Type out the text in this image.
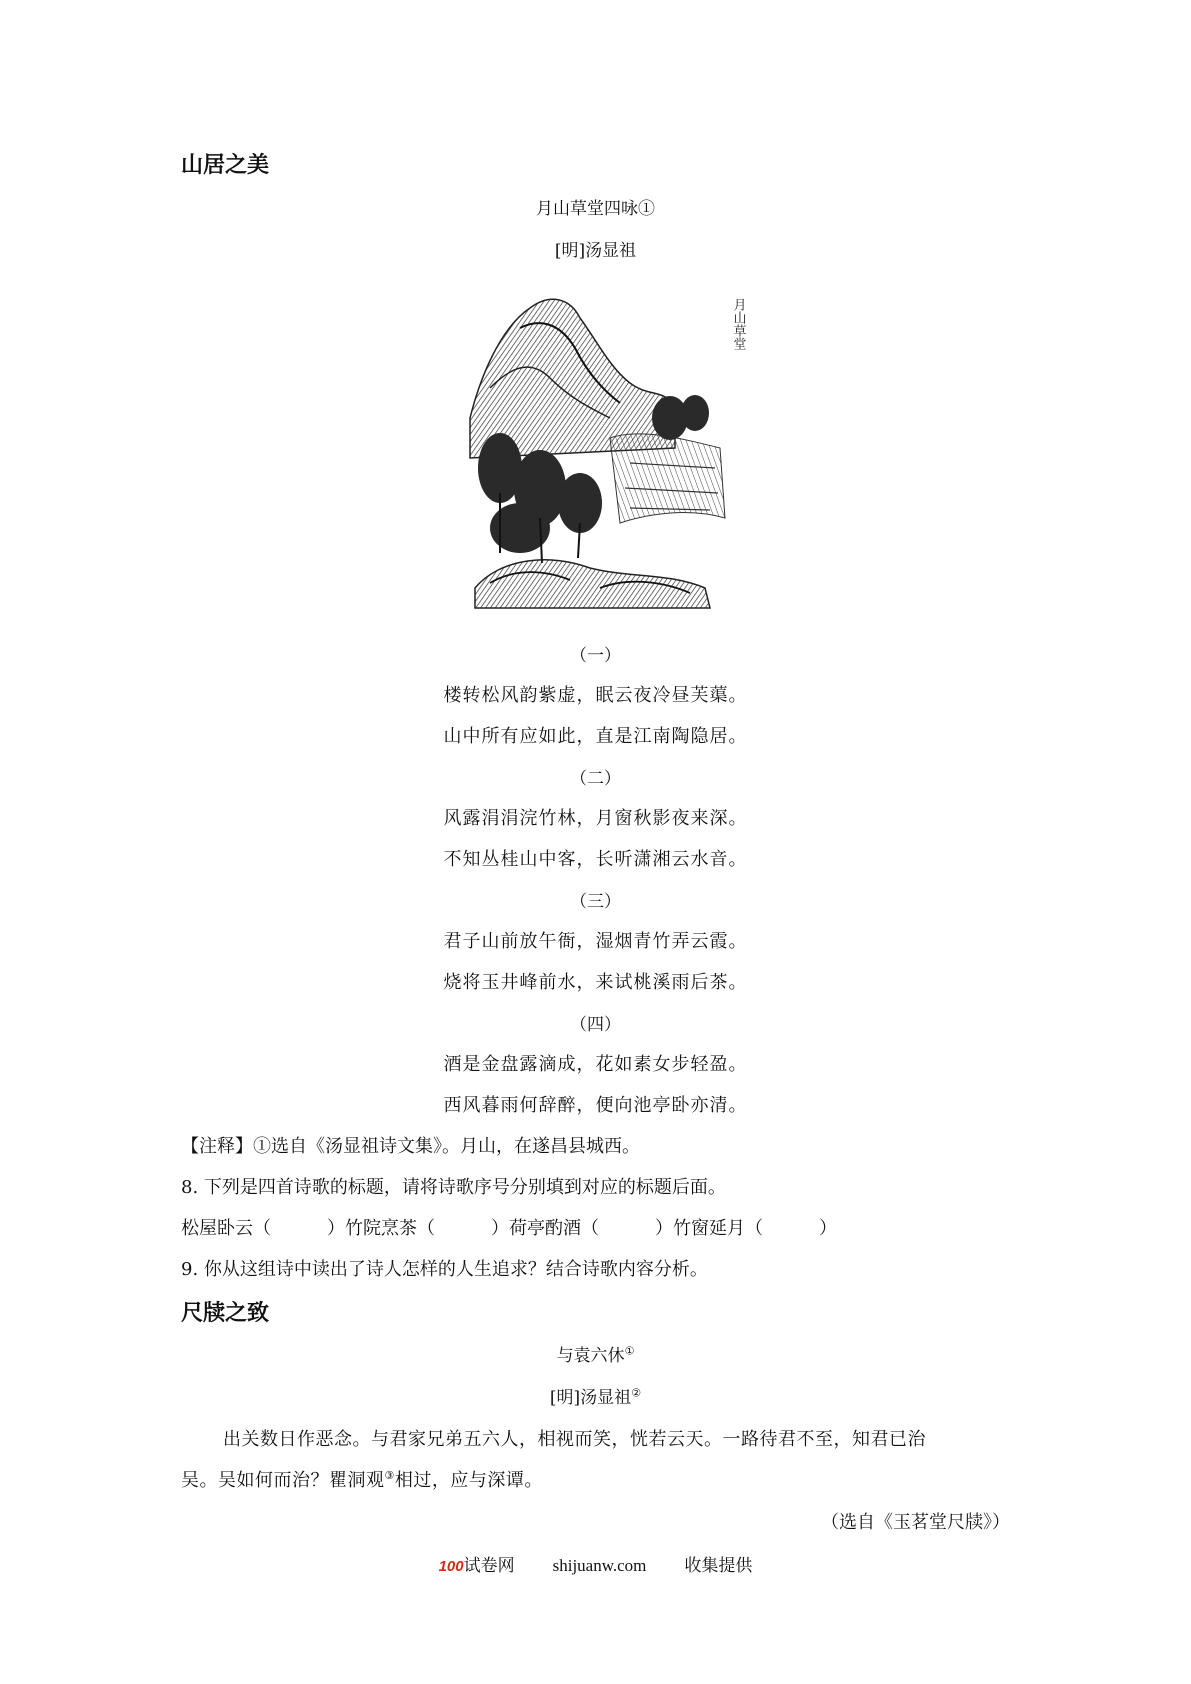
山居之美
月山草堂四咏①
[明]汤显祖
月山草堂
（一）
楼转松风韵紫虚，眠云夜冷昼芙蕖。
山中所有应如此，直是江南陶隐居。
（二）
风露涓涓浣竹林，月窗秋影夜来深。
不知丛桂山中客，长听潇湘云水音。
（三）
君子山前放午衙，湿烟青竹弄云霞。
烧将玉井峰前水，来试桃溪雨后茶。
（四）
酒是金盘露滴成，花如素女步轻盈。
西风暮雨何辞醉，便向池亭卧亦清。
【注释】①选自《汤显祖诗文集》。月山，在遂昌县城西。
8. 下列是四首诗歌的标题，请将诗歌序号分别填到对应的标题后面。
松屋卧云（	）竹院烹茶（	）荷亭酌酒（	）竹窗延月（	）
9. 你从这组诗中读出了诗人怎样的人生追求？结合诗歌内容分析。
尺牍之致
与袁六休①
[明]汤显祖②
出关数日作恶念。与君家兄弟五六人，相视而笑，恍若云天。一路待君不至，知君已治
吴。吴如何而治？瞿洞观③相过，应与深谭。
（选自《玉茗堂尺牍》）
100试卷网 shijuanw.com 收集提供
